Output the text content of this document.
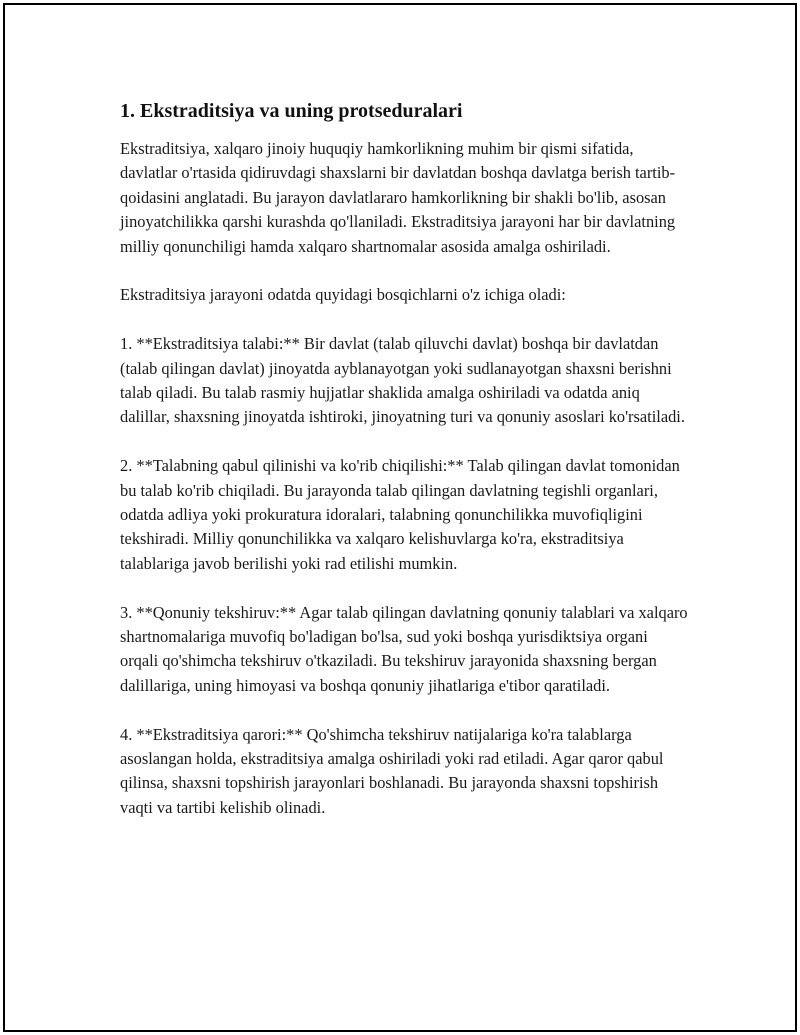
1. Ekstraditsiya va uning protseduralari

Ekstraditsiya, xalqaro jinoiy huquqiy hamkorlikning muhim bir qismi sifatida, davlatlar o'rtasida qidiruvdagi shaxslarni bir davlatdan boshqa davlatga berish tartib-qoidasini anglatadi. Bu jarayon davlatlararo hamkorlikning bir shakli bo'lib, asosan jinoyatchilikka qarshi kurashda qo'llaniladi. Ekstraditsiya jarayoni har bir davlatning milliy qonunchiligi hamda xalqaro shartnomalar asosida amalga oshiriladi.

Ekstraditsiya jarayoni odatda quyidagi bosqichlarni o'z ichiga oladi:

1. **Ekstraditsiya talabi:** Bir davlat (talab qiluvchi davlat) boshqa bir davlatdan (talab qilingan davlat) jinoyatda ayblanayotgan yoki sudlanayotgan shaxsni berishni talab qiladi. Bu talab rasmiy hujjatlar shaklida amalga oshiriladi va odatda aniq dalillar, shaxsning jinoyatda ishtiroki, jinoyatning turi va qonuniy asoslari ko'rsatiladi.

2. **Talabning qabul qilinishi va ko'rib chiqilishi:** Talab qilingan davlat tomonidan bu talab ko'rib chiqiladi. Bu jarayonda talab qilingan davlatning tegishli organlari, odatda adliya yoki prokuratura idoralari, talabning qonunchilikka muvofiqligini tekshiradi. Milliy qonunchilikka va xalqaro kelishuvlarga ko'ra, ekstraditsiya talablariga javob berilishi yoki rad etilishi mumkin.

3. **Qonuniy tekshiruv:** Agar talab qilingan davlatning qonuniy talablari va xalqaro shartnomalariga muvofiq bo'ladigan bo'lsa, sud yoki boshqa yurisdiktsiya organi orqali qo'shimcha tekshiruv o'tkaziladi. Bu tekshiruv jarayonida shaxsning bergan dalillariga, uning himoyasi va boshqa qonuniy jihatlariga e'tibor qaratiladi.

4. **Ekstraditsiya qarori:** Qo'shimcha tekshiruv natijalariga ko'ra talablarga asoslangan holda, ekstraditsiya amalga oshiriladi yoki rad etiladi. Agar qaror qabul qilinsa, shaxsni topshirish jarayonlari boshlanadi. Bu jarayonda shaxsni topshirish vaqti va tartibi kelishib olinadi.
